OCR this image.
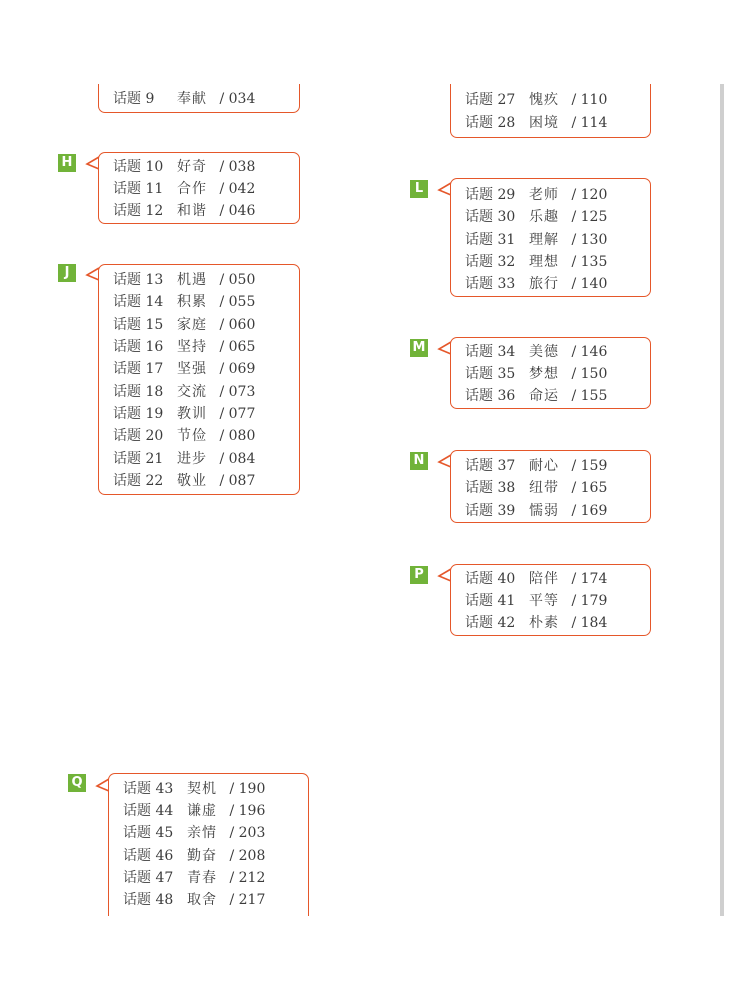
话题 9 奉献 / 034
H	话题 10 好奇 / 038
话题 11 合作 / 042
话题 12 和谐 / 046
J	话题 13 机遇 / 050
话题 14 积累 / 055
话题 15 家庭 / 060
话题 16 坚持 / 065
话题 17 坚强 / 069
话题 18 交流 / 073
话题 19 教训 / 077
话题 20 节俭 / 080
话题 21 进步 / 084
话题 22 敬业 / 087
Q	话题 43 契机 / 190
话题 44 谦虚 / 196
话题 45 亲情 / 203
话题 46 勤奋 / 208
话题 47 青春 / 212
话题 48 取舍 / 217
话题 27 愧疚 / 110
话题 28 困境 / 114
L	话题 29 老师 / 120
话题 30 乐趣 / 125
话题 31 理解 / 130
话题 32 理想 / 135
话题 33 旅行 / 140
M	话题 34 美德 / 146
话题 35 梦想 / 150
话题 36 命运 / 155
N	话题 37 耐心 / 159
话题 38 纽带 / 165
话题 39 懦弱 / 169
P	话题 40 陪伴 / 174
话题 41 平等 / 179
话题 42 朴素 / 184
